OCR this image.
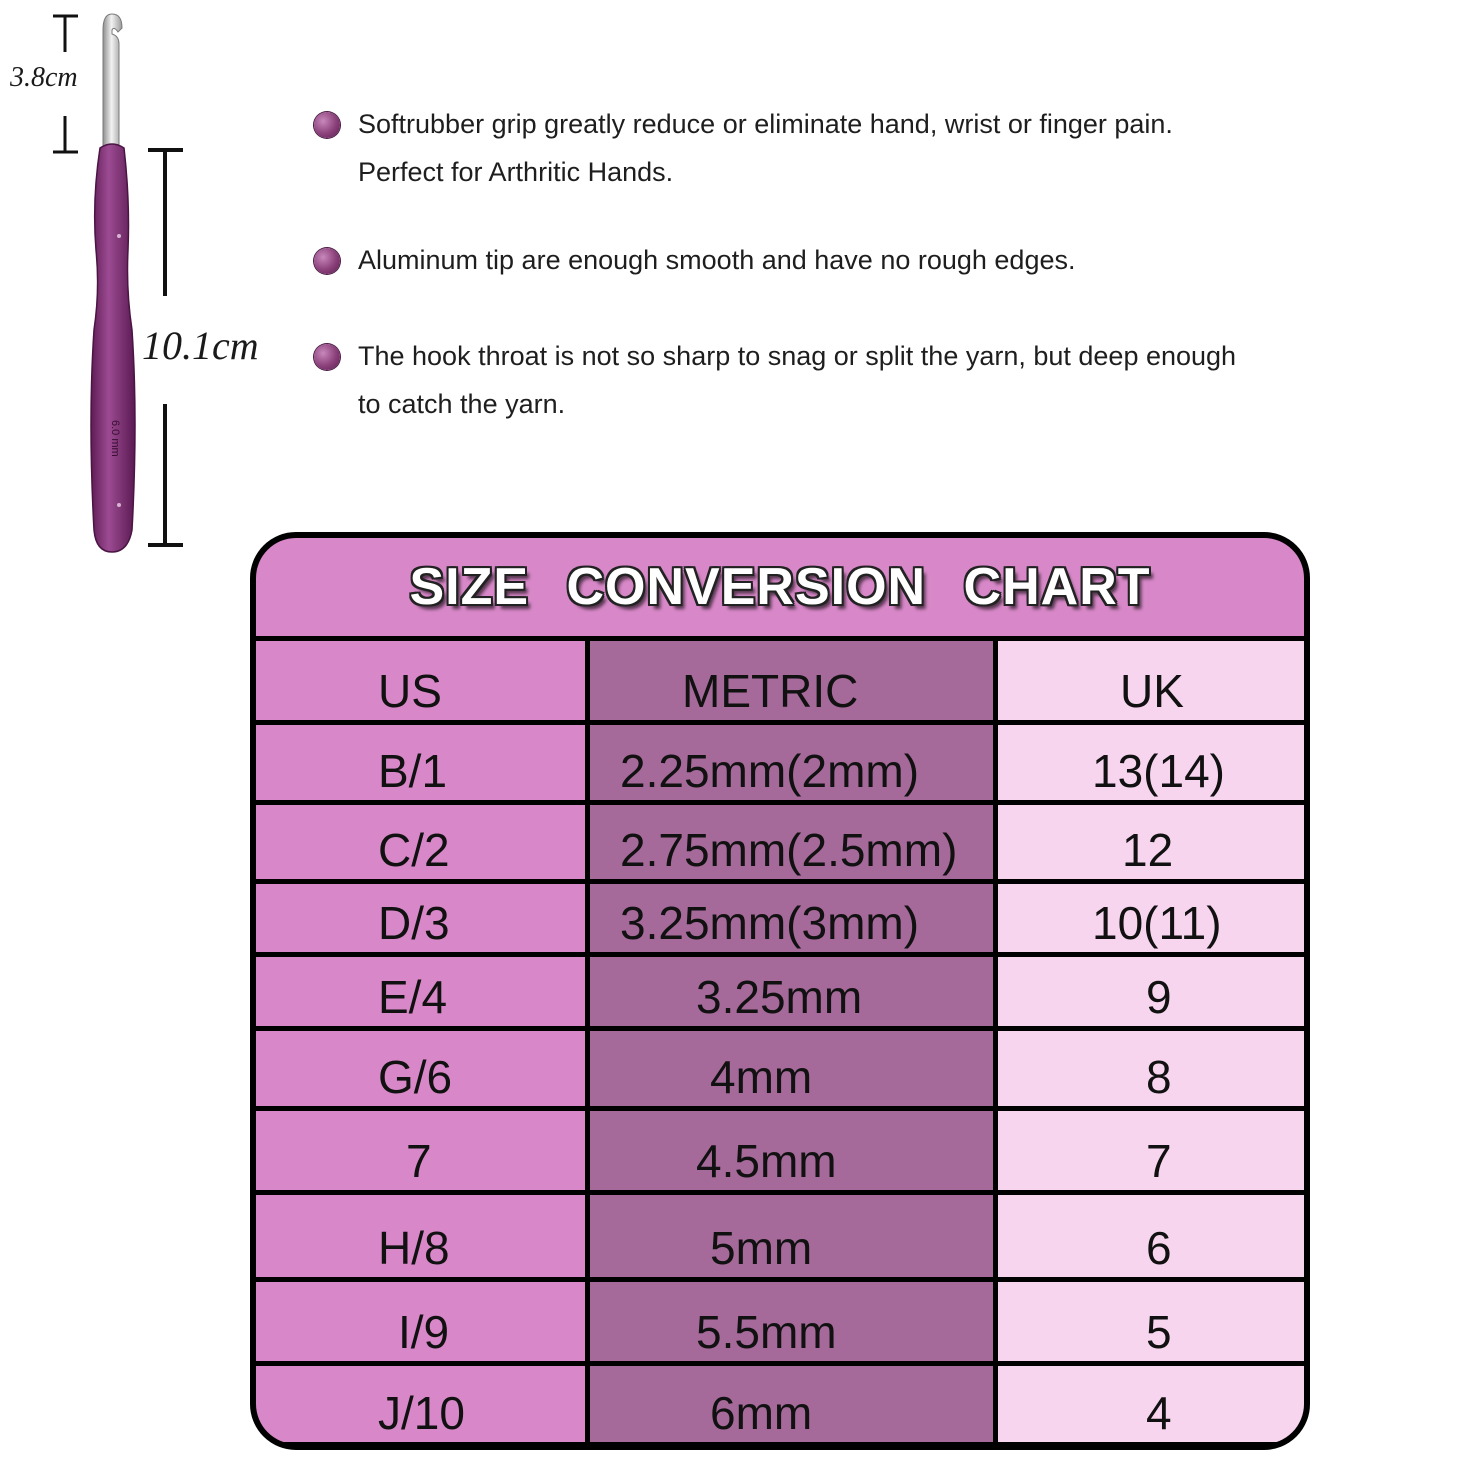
6.0 mm
3.8cm
10.1cm
Softrubber grip greatly reduce or eliminate hand, wrist or finger pain.
Perfect for Arthritic Hands.
Aluminum tip are enough smooth and have no rough edges.
The hook throat is not so sharp to snag or split the yarn, but deep enough
to catch the yarn.
SIZE CONVERSION CHART
US	METRIC	UK
B/1	2.25mm(2mm)	13(14)
C/2	2.75mm(2.5mm)	12
D/3	3.25mm(3mm)	10(11)
E/4	3.25mm	9
G/6	4mm	8
7	4.5mm	7
H/8	5mm	6
I/9	5.5mm	5
J/10	6mm	4
